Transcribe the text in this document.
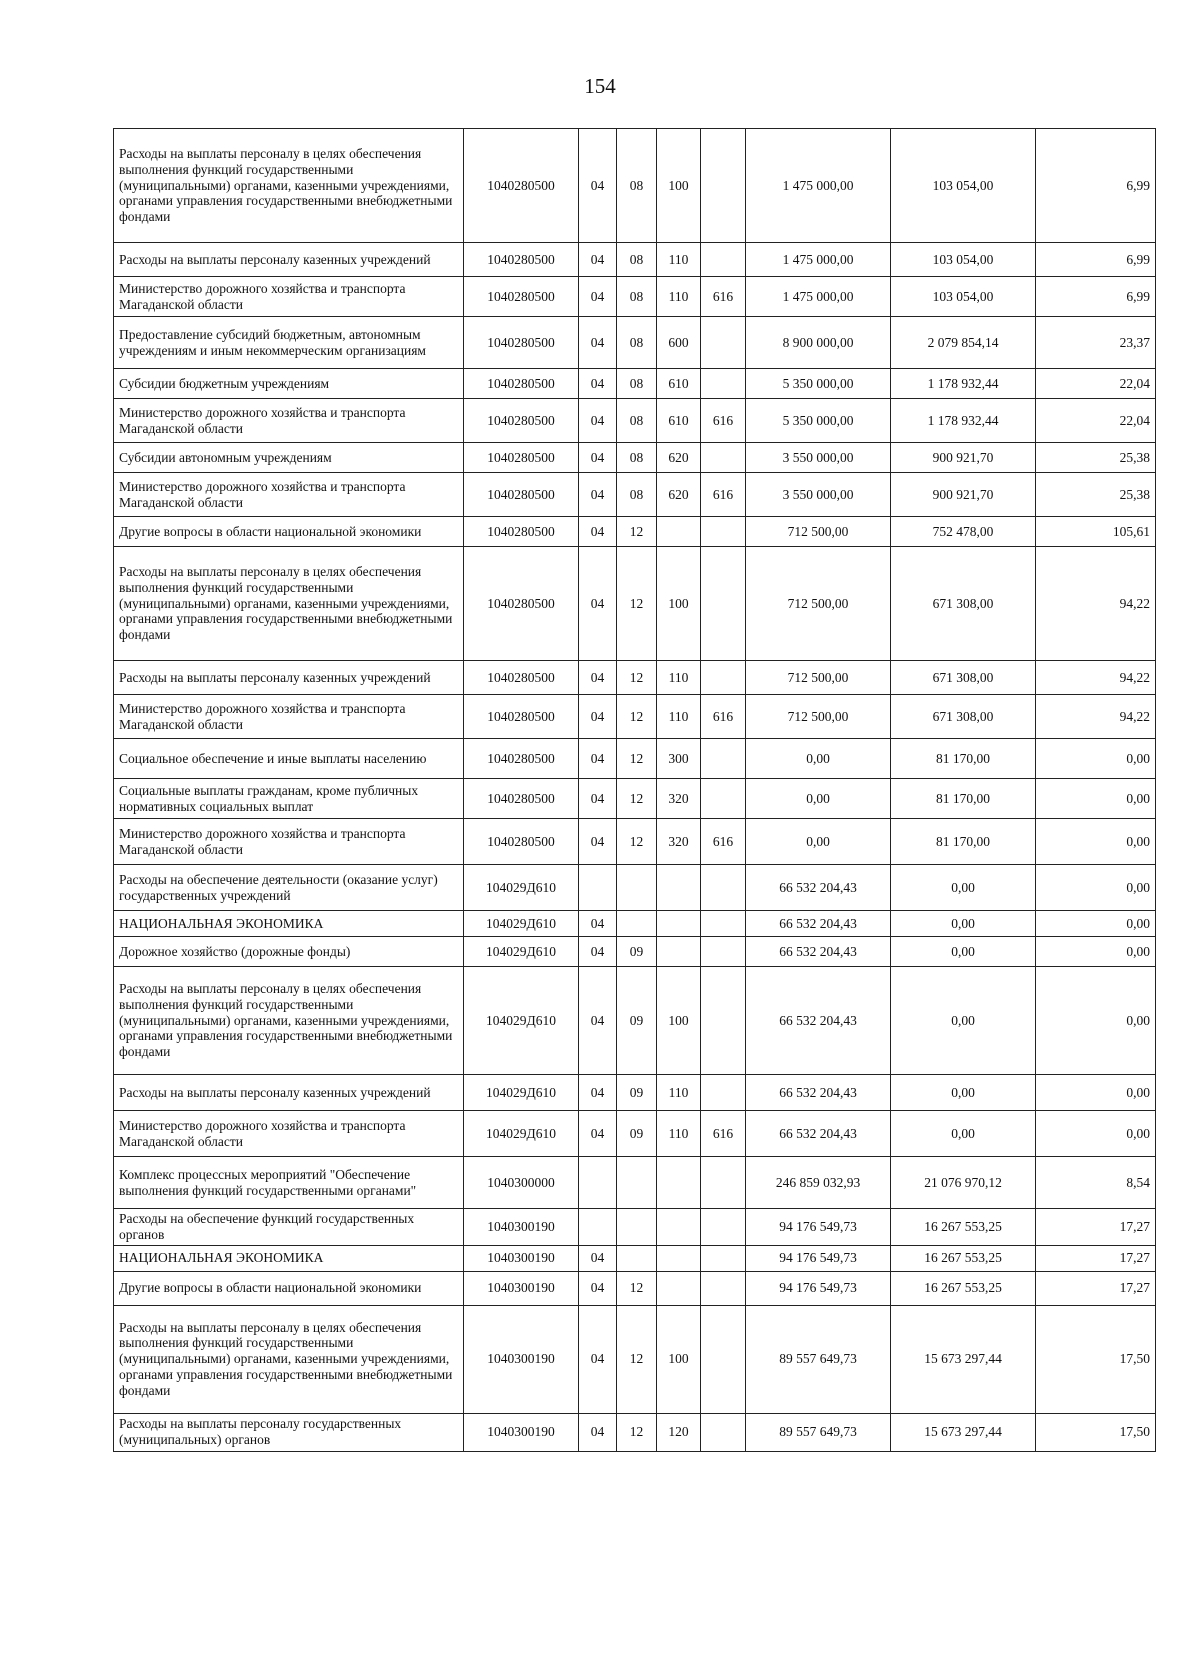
154
Расходы на выплаты персоналу в целях обеспечения выполнения функций государственными (муниципальными) органами, казенными учреждениями, органами управления государственными внебюджетными фондами	1040280500	04	08	100		1 475 000,00	103 054,00	6,99
Расходы на выплаты персоналу казенных учреждений	1040280500	04	08	110		1 475 000,00	103 054,00	6,99
Министерство дорожного хозяйства и транспорта Магаданской области	1040280500	04	08	110	616	1 475 000,00	103 054,00	6,99
Предоставление субсидий бюджетным, автономным учреждениям и иным некоммерческим организациям	1040280500	04	08	600		8 900 000,00	2 079 854,14	23,37
Субсидии бюджетным учреждениям	1040280500	04	08	610		5 350 000,00	1 178 932,44	22,04
Министерство дорожного хозяйства и транспорта Магаданской области	1040280500	04	08	610	616	5 350 000,00	1 178 932,44	22,04
Субсидии автономным учреждениям	1040280500	04	08	620		3 550 000,00	900 921,70	25,38
Министерство дорожного хозяйства и транспорта Магаданской области	1040280500	04	08	620	616	3 550 000,00	900 921,70	25,38
Другие вопросы в области национальной экономики	1040280500	04	12			712 500,00	752 478,00	105,61
Расходы на выплаты персоналу в целях обеспечения выполнения функций государственными (муниципальными) органами, казенными учреждениями, органами управления государственными внебюджетными фондами	1040280500	04	12	100		712 500,00	671 308,00	94,22
Расходы на выплаты персоналу казенных учреждений	1040280500	04	12	110		712 500,00	671 308,00	94,22
Министерство дорожного хозяйства и транспорта Магаданской области	1040280500	04	12	110	616	712 500,00	671 308,00	94,22
Социальное обеспечение и иные выплаты населению	1040280500	04	12	300		0,00	81 170,00	0,00
Социальные выплаты гражданам, кроме публичных нормативных социальных выплат	1040280500	04	12	320		0,00	81 170,00	0,00
Министерство дорожного хозяйства и транспорта Магаданской области	1040280500	04	12	320	616	0,00	81 170,00	0,00
Расходы на обеспечение деятельности (оказание услуг) государственных учреждений	104029Д610					66 532 204,43	0,00	0,00
НАЦИОНАЛЬНАЯ ЭКОНОМИКА	104029Д610	04				66 532 204,43	0,00	0,00
Дорожное хозяйство (дорожные фонды)	104029Д610	04	09			66 532 204,43	0,00	0,00
Расходы на выплаты персоналу в целях обеспечения выполнения функций государственными (муниципальными) органами, казенными учреждениями, органами управления государственными внебюджетными фондами	104029Д610	04	09	100		66 532 204,43	0,00	0,00
Расходы на выплаты персоналу казенных учреждений	104029Д610	04	09	110		66 532 204,43	0,00	0,00
Министерство дорожного хозяйства и транспорта Магаданской области	104029Д610	04	09	110	616	66 532 204,43	0,00	0,00
Комплекс процессных мероприятий "Обеспечение выполнения функций государственными органами"	1040300000					246 859 032,93	21 076 970,12	8,54
Расходы на обеспечение функций государственных органов	1040300190					94 176 549,73	16 267 553,25	17,27
НАЦИОНАЛЬНАЯ ЭКОНОМИКА	1040300190	04				94 176 549,73	16 267 553,25	17,27
Другие вопросы в области национальной экономики	1040300190	04	12			94 176 549,73	16 267 553,25	17,27
Расходы на выплаты персоналу в целях обеспечения выполнения функций государственными (муниципальными) органами, казенными учреждениями, органами управления государственными внебюджетными фондами	1040300190	04	12	100		89 557 649,73	15 673 297,44	17,50
Расходы на выплаты персоналу государственных (муниципальных) органов	1040300190	04	12	120		89 557 649,73	15 673 297,44	17,50
